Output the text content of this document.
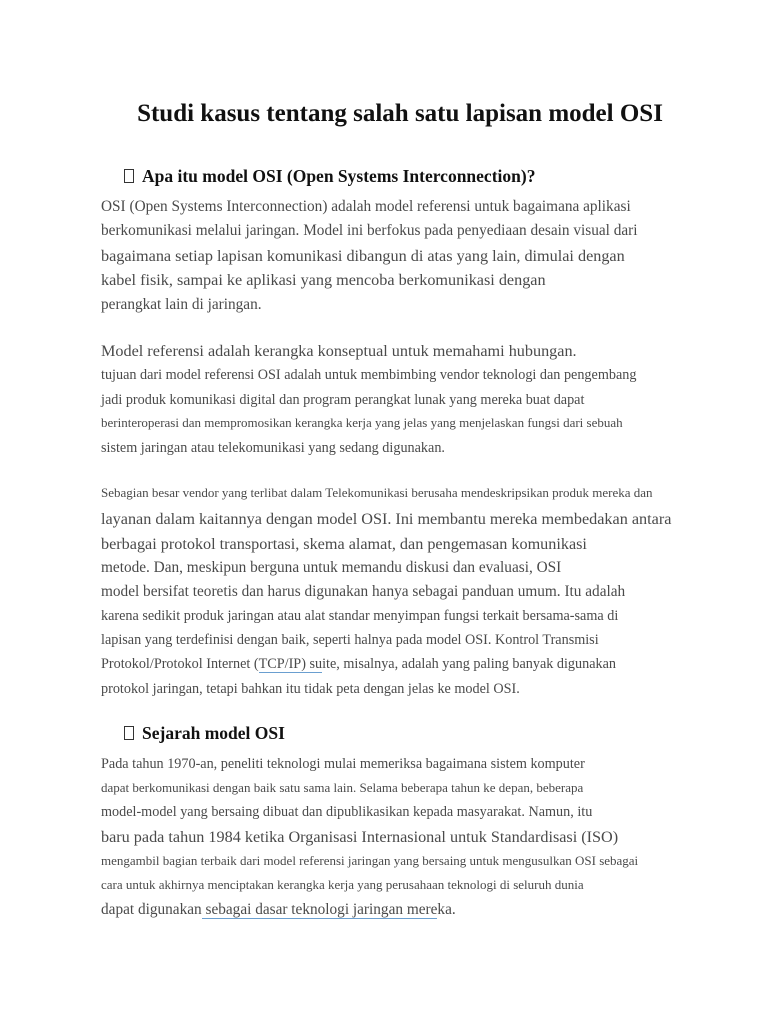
Studi kasus tentang salah satu lapisan model OSI
Apa itu model OSI (Open Systems Interconnection)?

OSI (Open Systems Interconnection) adalah model referensi untuk bagaimana aplikasi

berkomunikasi melalui jaringan. Model ini berfokus pada penyediaan desain visual dari

bagaimana setiap lapisan komunikasi dibangun di atas yang lain, dimulai dengan

kabel fisik, sampai ke aplikasi yang mencoba berkomunikasi dengan

perangkat lain di jaringan.

Model referensi adalah kerangka konseptual untuk memahami hubungan.

tujuan dari model referensi OSI adalah untuk membimbing vendor teknologi dan pengembang

jadi produk komunikasi digital dan program perangkat lunak yang mereka buat dapat

berinteroperasi dan mempromosikan kerangka kerja yang jelas yang menjelaskan fungsi dari sebuah

sistem jaringan atau telekomunikasi yang sedang digunakan.

Sebagian besar vendor yang terlibat dalam Telekomunikasi berusaha mendeskripsikan produk mereka dan

layanan dalam kaitannya dengan model OSI. Ini membantu mereka membedakan antara

berbagai protokol transportasi, skema alamat, dan pengemasan komunikasi

metode. Dan, meskipun berguna untuk memandu diskusi dan evaluasi, OSI

model bersifat teoretis dan harus digunakan hanya sebagai panduan umum. Itu adalah

karena sedikit produk jaringan atau alat standar menyimpan fungsi terkait bersama-sama di

lapisan yang terdefinisi dengan baik, seperti halnya pada model OSI. Kontrol Transmisi

Protokol/Protokol Internet (TCP/IP) suite, misalnya, adalah yang paling banyak digunakan

protokol jaringan, tetapi bahkan itu tidak peta dengan jelas ke model OSI.

Sejarah model OSI

Pada tahun 1970-an, peneliti teknologi mulai memeriksa bagaimana sistem komputer

dapat berkomunikasi dengan baik satu sama lain. Selama beberapa tahun ke depan, beberapa

model-model yang bersaing dibuat dan dipublikasikan kepada masyarakat. Namun, itu

baru pada tahun 1984 ketika Organisasi Internasional untuk Standardisasi (ISO)

mengambil bagian terbaik dari model referensi jaringan yang bersaing untuk mengusulkan OSI sebagai

cara untuk akhirnya menciptakan kerangka kerja yang perusahaan teknologi di seluruh dunia

dapat digunakan sebagai dasar teknologi jaringan mereka.
